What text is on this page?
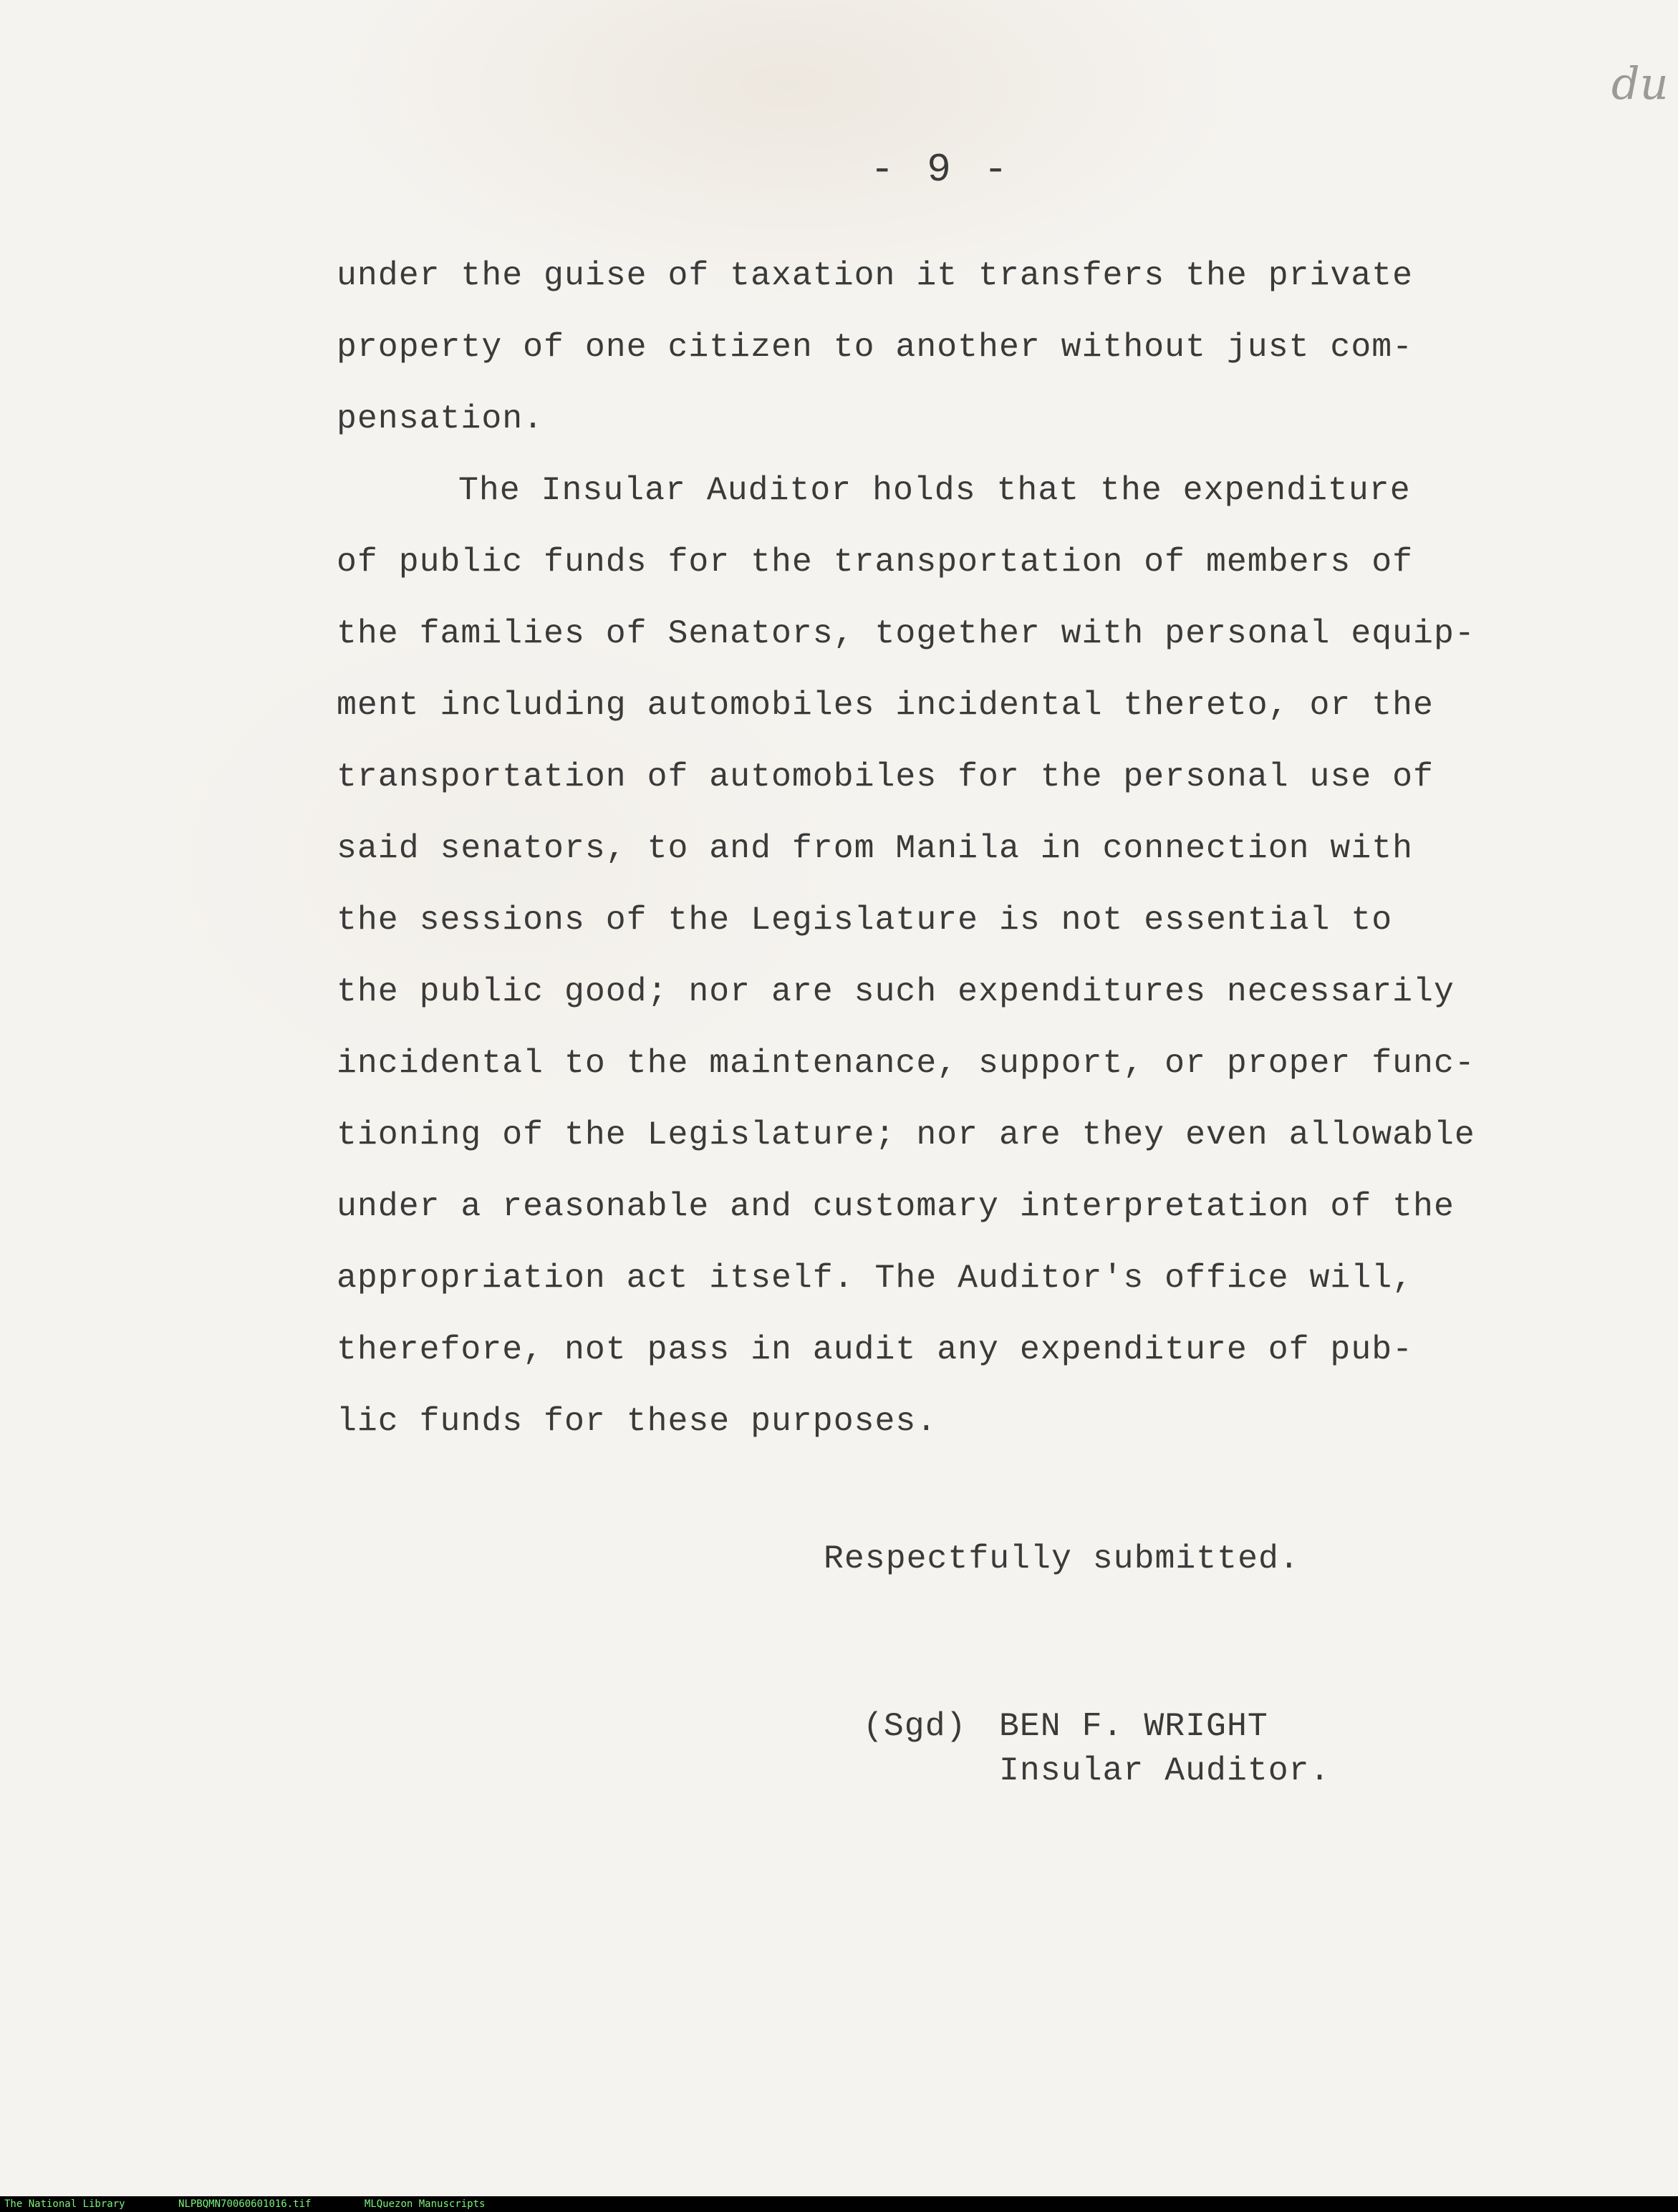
du
- 9 -
under the guise of taxation it transfers the private
property of one citizen to another without just com-
pensation.
The Insular Auditor holds that the expenditure
of public funds for the transportation of members of
the families of Senators, together with personal equip-
ment including automobiles incidental thereto, or the
transportation of automobiles for the personal use of
said senators, to and from Manila in connection with
the sessions of the Legislature is not essential to
the public good; nor are such expenditures necessarily
incidental to the maintenance, support, or proper func-
tioning of the Legislature; nor are they even allowable
under a reasonable and customary interpretation of the
appropriation act itself. The Auditor's office will,
therefore, not pass in audit any expenditure of pub-
lic funds for these purposes.
Respectfully submitted.
(Sgd) BEN F. WRIGHT
Insular Auditor.
The National Library	NLPBQMN70060601016.tif	MLQuezon Manuscripts
